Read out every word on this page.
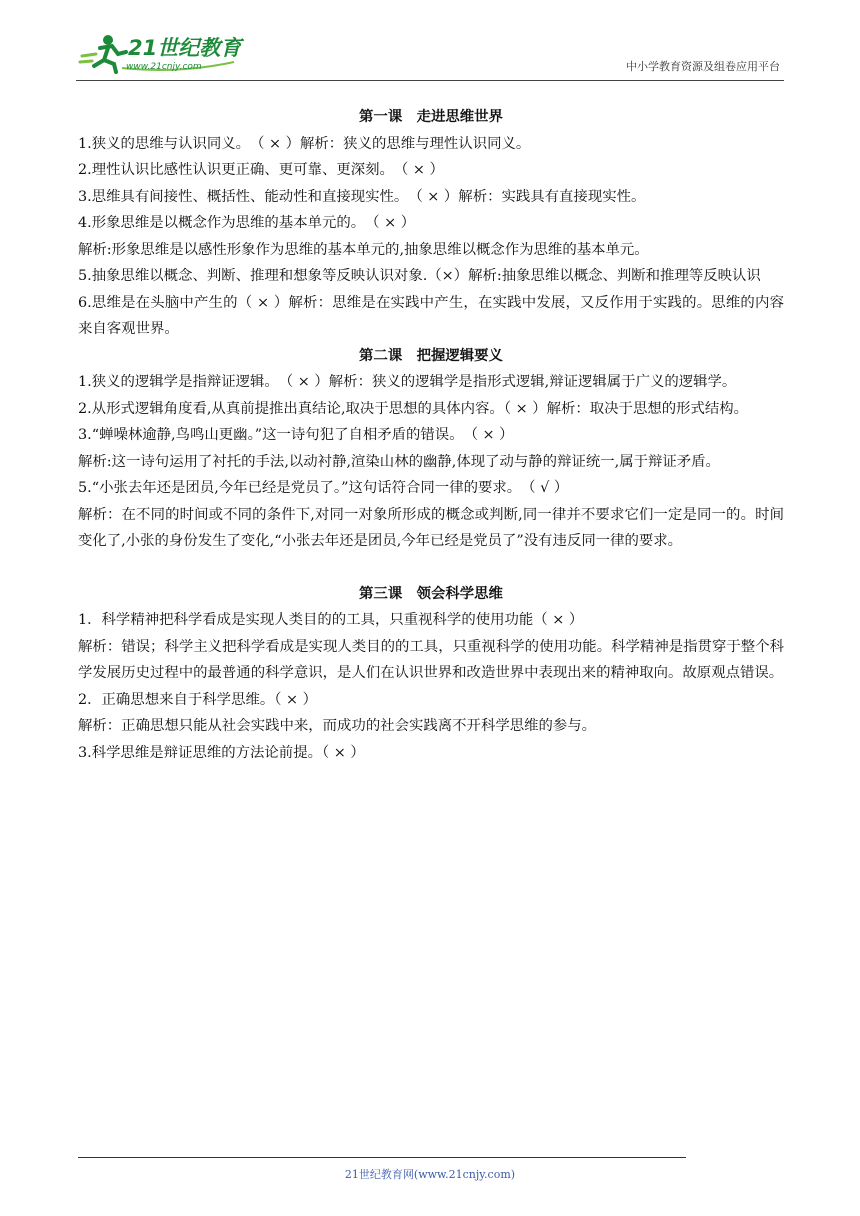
21世纪教育
www.21cnjy.com	中小学教育资源及组卷应用平台

第一课　走进思维世界

1.狭义的思维与认识同义。　（ × ）解析：狭义的思维与理性认识同义。

2.理性认识比感性认识更正确、更可靠、更深刻。　（ × ）

3.思维具有间接性、概括性、能动性和直接现实性。　（ × ）解析：实践具有直接现实性。

4.形象思维是以概念作为思维的基本单元的。　（ × ）

解析:形象思维是以感性形象作为思维的基本单元的,抽象思维以概念作为思维的基本单元。

5.抽象思维以概念、判断、推理和想象等反映认识对象.（×）解析:抽象思维以概念、判断和推理等反映认识

6.思维是在头脑中产生的（ × ）解析：思维是在实践中产生，在实践中发展，又反作用于实践的。思维的内容来自客观世界。

第二课　把握逻辑要义

1.狭义的逻辑学是指辩证逻辑。　（ × ）解析：狭义的逻辑学是指形式逻辑,辩证逻辑属于广义的逻辑学。

2.从形式逻辑角度看,从真前提推出真结论,取决于思想的具体内容。（ × ）解析：取决于思想的形式结构。

3.“蝉噪林逾静,鸟鸣山更幽。”这一诗句犯了自相矛盾的错误。　（ × ）

解析:这一诗句运用了衬托的手法,以动衬静,渲染山林的幽静,体现了动与静的辩证统一,属于辩证矛盾。

5.“小张去年还是团员,今年已经是党员了。”这句话符合同一律的要求。　（ √ ）

解析：在不同的时间或不同的条件下,对同一对象所形成的概念或判断,同一律并不要求它们一定是同一的。时间变化了,小张的身份发生了变化,“小张去年还是团员,今年已经是党员了”没有违反同一律的要求。

第三课　领会科学思维

1．科学精神把科学看成是实现人类目的的工具，只重视科学的使用功能（ × ）

解析：错误；科学主义把科学看成是实现人类目的的工具，只重视科学的使用功能。科学精神是指贯穿于整个科学发展历史过程中的最普通的科学意识，是人们在认识世界和改造世界中表现出来的精神取向。故原观点错误。

2．正确思想来自于科学思维。（ × ）

解析：正确思想只能从社会实践中来，而成功的社会实践离不开科学思维的参与。

3.科学思维是辩证思维的方法论前提。（ × ）

21世纪教育网(www.21cnjy.com)
